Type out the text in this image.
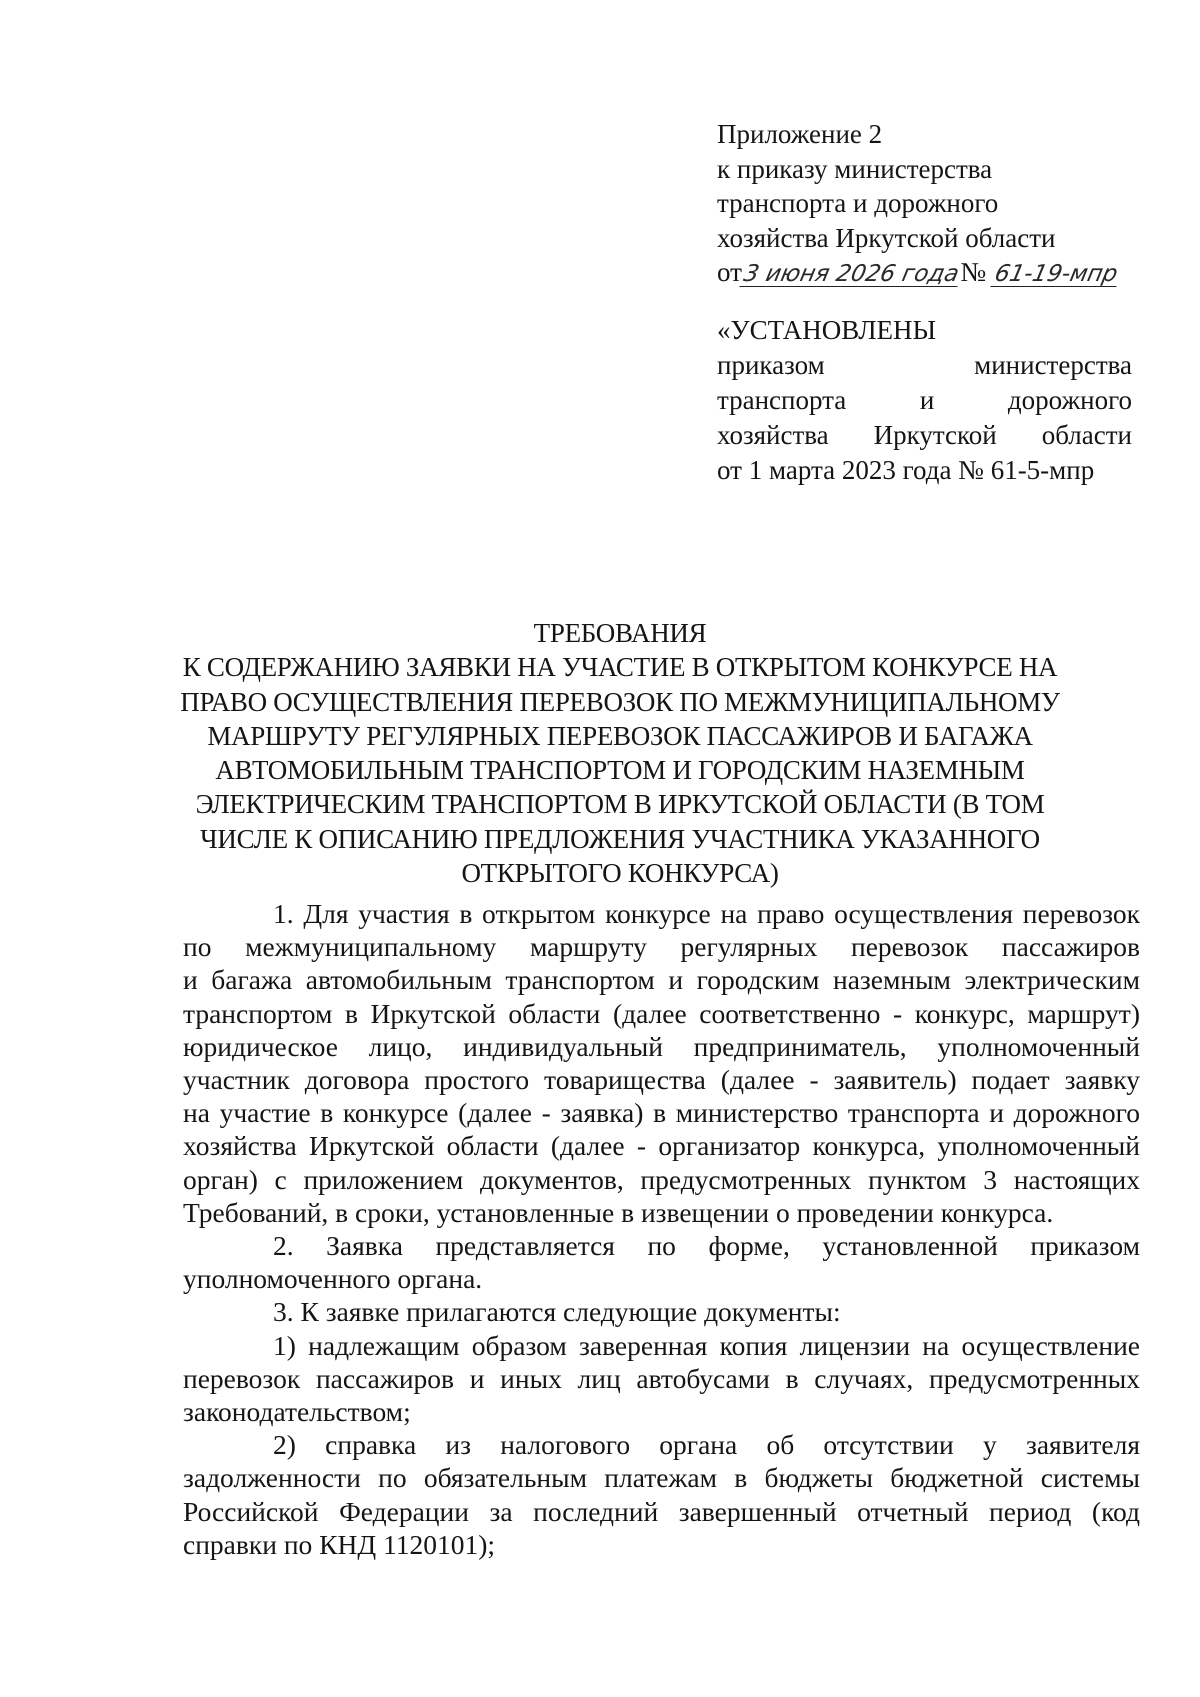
Приложение 2
к приказу министерства
транспорта и дорожного
хозяйства Иркутской области
от3 июня 2026 года№ 61-19-мпр
«УСТАНОВЛЕНЫ
приказом министерства
транспорта и дорожного
хозяйства Иркутской области
от 1 марта 2023 года № 61-5-мпр
ТРЕБОВАНИЯ
К СОДЕРЖАНИЮ ЗАЯВКИ НА УЧАСТИЕ В ОТКРЫТОМ КОНКУРСЕ НА
ПРАВО ОСУЩЕСТВЛЕНИЯ ПЕРЕВОЗОК ПО МЕЖМУНИЦИПАЛЬНОМУ
МАРШРУТУ РЕГУЛЯРНЫХ ПЕРЕВОЗОК ПАССАЖИРОВ И БАГАЖА
АВТОМОБИЛЬНЫМ ТРАНСПОРТОМ И ГОРОДСКИМ НАЗЕМНЫМ
ЭЛЕКТРИЧЕСКИМ ТРАНСПОРТОМ В ИРКУТСКОЙ ОБЛАСТИ (В ТОМ
ЧИСЛЕ К ОПИСАНИЮ ПРЕДЛОЖЕНИЯ УЧАСТНИКА УКАЗАННОГО
ОТКРЫТОГО КОНКУРСА)
1. Для участия в открытом конкурсе на право осуществления перевозок
по межмуниципальному маршруту регулярных перевозок пассажиров
и багажа автомобильным транспортом и городским наземным электрическим
транспортом в Иркутской области (далее соответственно - конкурс, маршрут)
юридическое лицо, индивидуальный предприниматель, уполномоченный
участник договора простого товарищества (далее - заявитель) подает заявку
на участие в конкурсе (далее - заявка) в министерство транспорта и дорожного
хозяйства Иркутской области (далее - организатор конкурса, уполномоченный
орган) с приложением документов, предусмотренных пунктом 3 настоящих
Требований, в сроки, установленные в извещении о проведении конкурса.
2. Заявка представляется по форме, установленной приказом
уполномоченного органа.
3. К заявке прилагаются следующие документы:
1) надлежащим образом заверенная копия лицензии на осуществление
перевозок пассажиров и иных лиц автобусами в случаях, предусмотренных
законодательством;
2) справка из налогового органа об отсутствии у заявителя
задолженности по обязательным платежам в бюджеты бюджетной системы
Российской Федерации за последний завершенный отчетный период (код
справки по КНД 1120101);
